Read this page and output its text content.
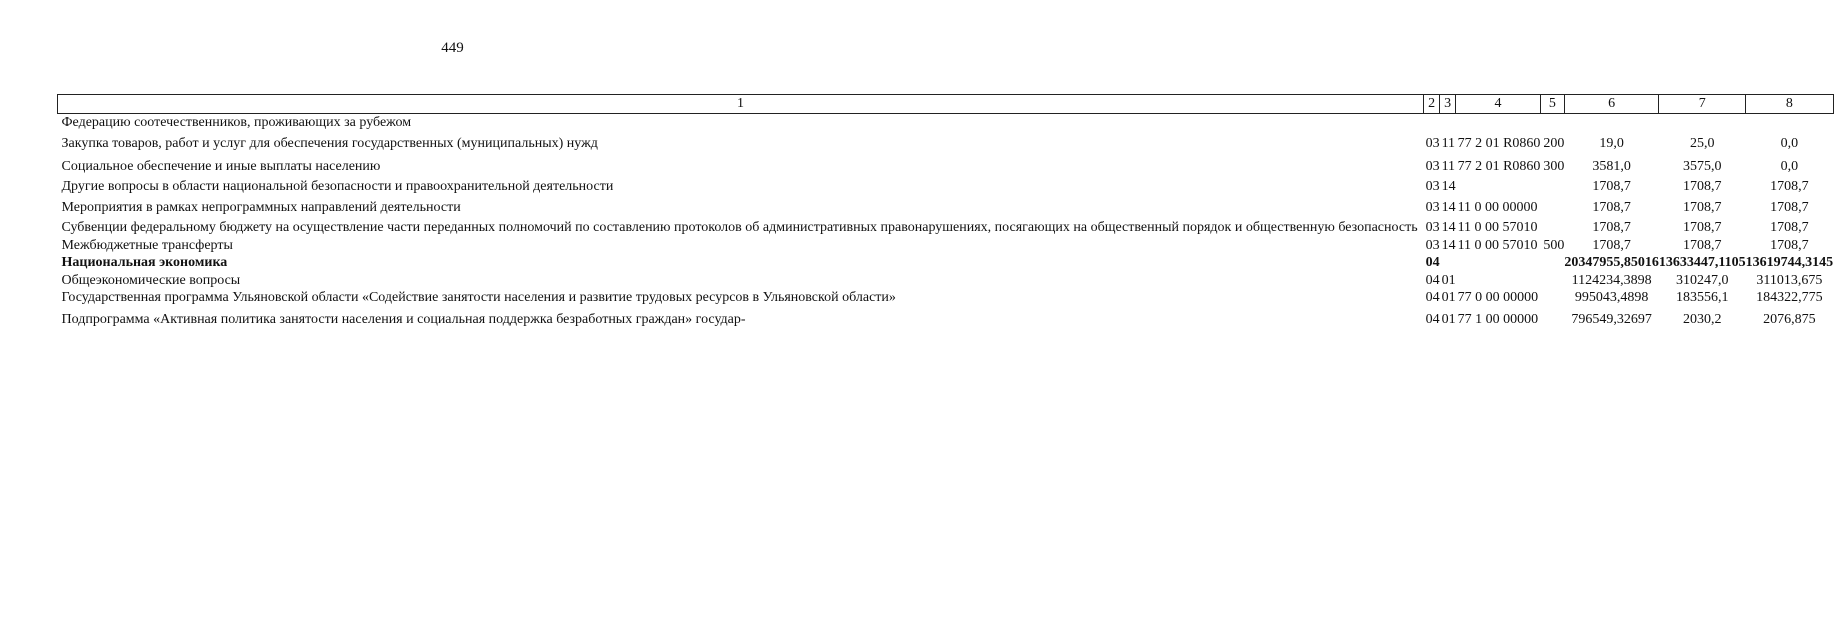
449
1	2	3	4	5	6	7	8
Федерацию соотечественников, проживающих за рубежом							
Закупка товаров, работ и услуг для обеспечения государственных (муниципальных) нужд	03	11	77 2 01 R0860	200	19,0	25,0	0,0
Социальное обеспечение и иные выплаты населению	03	11	77 2 01 R0860	300	3581,0	3575,0	0,0
Другие вопросы в области национальной безопасности и правоохранительной деятельности	03	14			1708,7	1708,7	1708,7
Мероприятия в рамках непрограммных направлений деятельности	03	14	11 0 00 00000		1708,7	1708,7	1708,7
Субвенции федеральному бюджету на осуществление части переданных полномочий по составлению протоколов об административных правонарушениях, посягающих на общественный порядок и общественную безопасность	03	14	11 0 00 57010		1708,7	1708,7	1708,7
Межбюджетные трансферты	03	14	11 0 00 57010	500	1708,7	1708,7	1708,7
Национальная экономика	04				20347955,85016	13633447,1105	13619744,3145
Общеэкономические вопросы	04	01			1124234,3898	310247,0	311013,675
Государственная программа Ульяновской области «Содействие занятости населения и развитие трудовых ресурсов в Ульяновской области»	04	01	77 0 00 00000		995043,4898	183556,1	184322,775
Подпрограмма «Активная политика занятости населения и социальная поддержка безработных граждан» государ-	04	01	77 1 00 00000		796549,32697	2030,2	2076,875
